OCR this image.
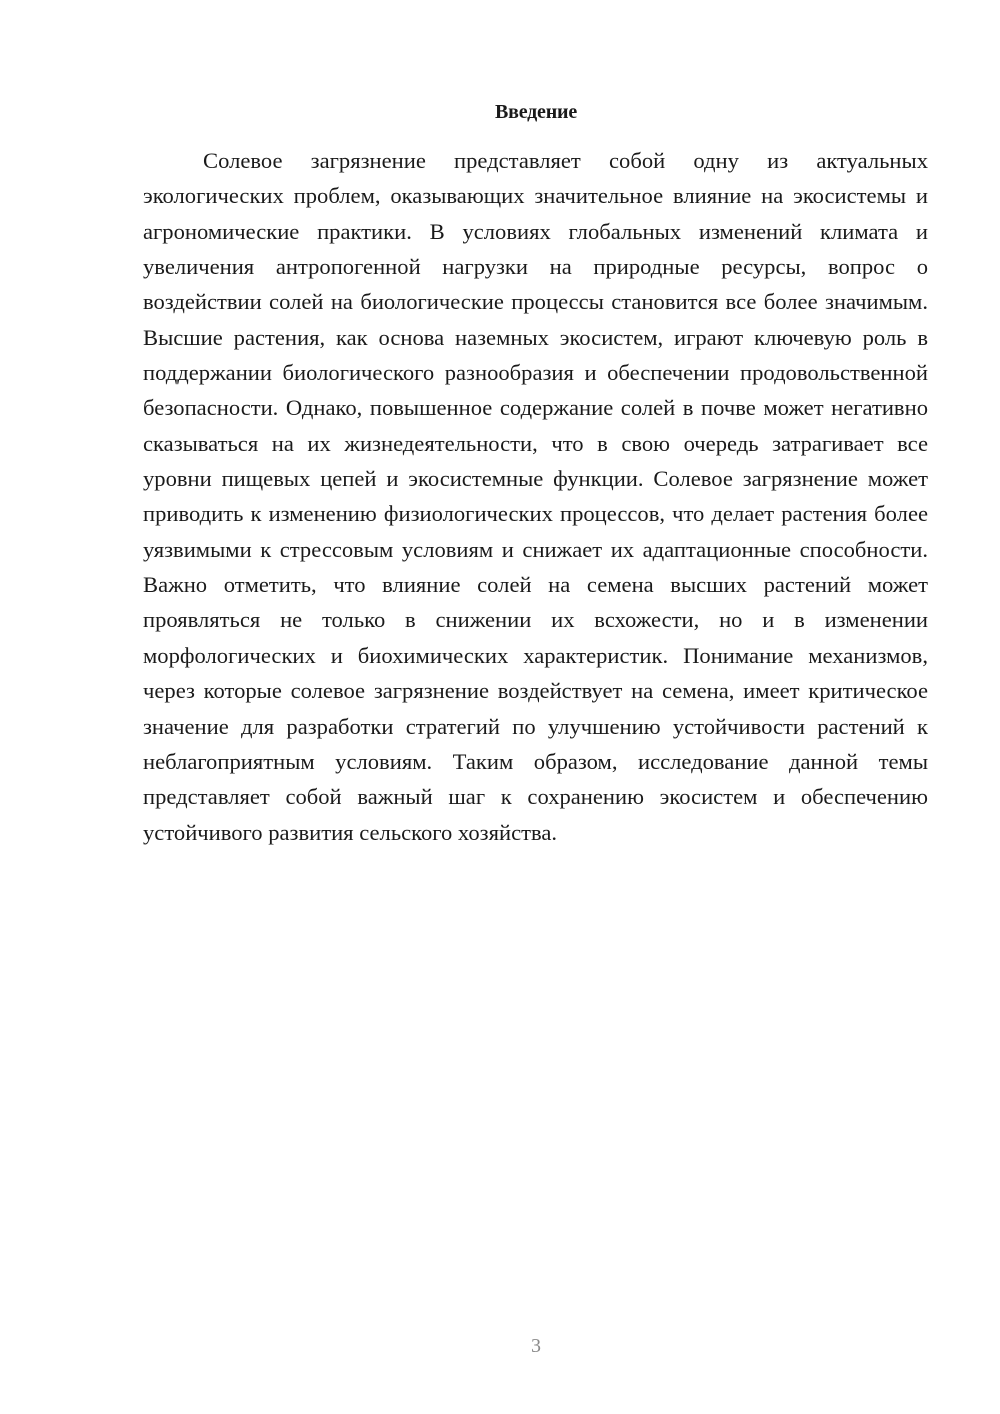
Введение

Солевое загрязнение представляет собой одну из актуальных экологических проблем, оказывающих значительное влияние на экосистемы и агрономические практики. В условиях глобальных изменений климата и увеличения антропогенной нагрузки на природные ресурсы, вопрос о воздействии солей на биологические процессы становится все более значимым. Высшие растения, как основа наземных экосистем, играют ключевую роль в поддержании биологического разнообразия и обеспечении продовольственной безопасности. Однако, повышенное содержание солей в почве может негативно сказываться на их жизнедеятельности, что в свою очередь затрагивает все уровни пищевых цепей и экосистемные функции. Солевое загрязнение может приводить к изменению физиологических процессов, что делает растения более уязвимыми к стрессовым условиям и снижает их адаптационные способности. Важно отметить, что влияние солей на семена высших растений может проявляться не только в снижении их всхожести, но и в изменении морфологических и биохимических характеристик. Понимание механизмов, через которые солевое загрязнение воздействует на семена, имеет критическое значение для разработки стратегий по улучшению устойчивости растений к неблагоприятным условиям. Таким образом, исследование данной темы представляет собой важный шаг к сохранению экосистем и обеспечению устойчивого развития сельского хозяйства.

3
